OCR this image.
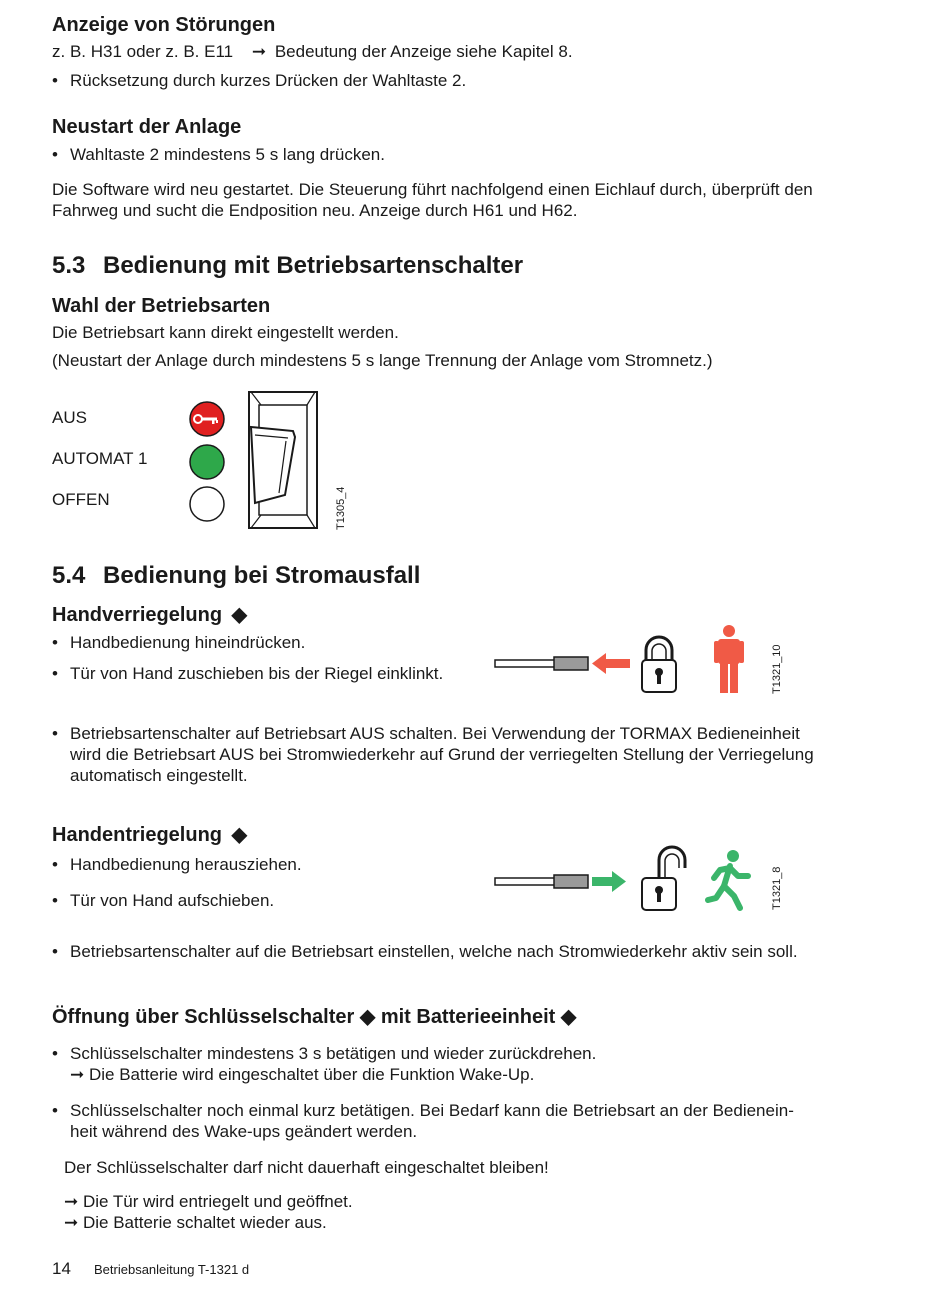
Anzeige von Störungen
z. B. H31 oder z. B. E11 ➞ Bedeutung der Anzeige siehe Kapitel 8.
• Rücksetzung durch kurzes Drücken der Wahltaste 2.
Neustart der Anlage
• Wahltaste 2 mindestens 5 s lang drücken.
Die Software wird neu gestartet. Die Steuerung führt nachfolgend einen Eichlauf durch, überprüft den
Fahrweg und sucht die Endposition neu. Anzeige durch H61 und H62.
5.3 Bedienung mit Betriebsartenschalter
Wahl der Betriebsarten
Die Betriebsart kann direkt eingestellt werden.
(Neustart der Anlage durch mindestens 5 s lange Trennung der Anlage vom Stromnetz.)
AUS
AUTOMAT 1
OFFEN	T1305_4
5.4 Bedienung bei Stromausfall
Handverriegelung ◆
• Handbedienung hineindrücken.
• Tür von Hand zuschieben bis der Riegel einklinkt.	T1321_10
• Betriebsartenschalter auf Betriebsart AUS schalten. Bei Verwendung der TORMAX Bedieneinheit
wird die Betriebsart AUS bei Stromwiederkehr auf Grund der verriegelten Stellung der Verriegelung
automatisch eingestellt.
Handentriegelung ◆
• Handbedienung herausziehen.
• Tür von Hand aufschieben.	T1321_8
• Betriebsartenschalter auf die Betriebsart einstellen, welche nach Stromwiederkehr aktiv sein soll.
Öffnung über Schlüsselschalter ◆ mit Batterieeinheit ◆
• Schlüsselschalter mindestens 3 s betätigen und wieder zurückdrehen.
➞ Die Batterie wird eingeschaltet über die Funktion Wake-Up.
• Schlüsselschalter noch einmal kurz betätigen. Bei Bedarf kann die Betriebsart an der Bedienein-
heit während des Wake-ups geändert werden.
Der Schlüsselschalter darf nicht dauerhaft eingeschaltet bleiben!
➞ Die Tür wird entriegelt und geöffnet.
➞ Die Batterie schaltet wieder aus.
14 Betriebsanleitung T-1321 d
